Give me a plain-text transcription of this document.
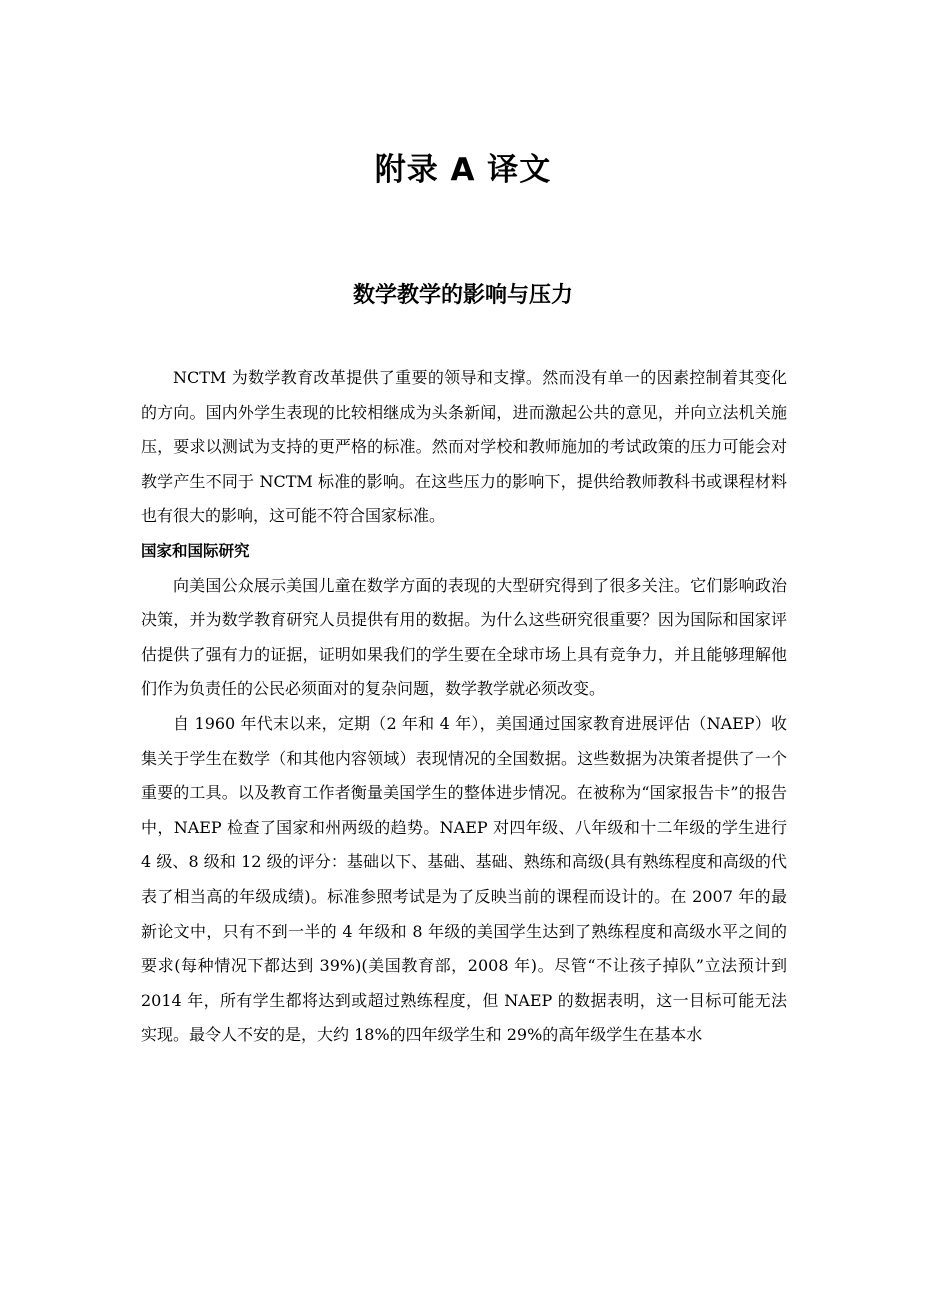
附录 A 译文
数学教学的影响与压力

NCTM 为数学教育改革提供了重要的领导和支撑。然而没有单一的因素控制着其变化的方向。国内外学生表现的比较相继成为头条新闻，进而激起公共的意见，并向立法机关施压，要求以测试为支持的更严格的标准。然而对学校和教师施加的考试政策的压力可能会对教学产生不同于 NCTM 标准的影响。在这些压力的影响下，提供给教师教科书或课程材料也有很大的影响，这可能不符合国家标准。

国家和国际研究

向美国公众展示美国儿童在数学方面的表现的大型研究得到了很多关注。它们影响政治决策，并为数学教育研究人员提供有用的数据。为什么这些研究很重要？因为国际和国家评估提供了强有力的证据，证明如果我们的学生要在全球市场上具有竞争力，并且能够理解他们作为负责任的公民必须面对的复杂问题，数学教学就必须改变。

自 1960 年代末以来，定期（2 年和 4 年），美国通过国家教育进展评估（NAEP）收集关于学生在数学（和其他内容领域）表现情况的全国数据。这些数据为决策者提供了一个重要的工具。以及教育工作者衡量美国学生的整体进步情况。在被称为“国家报告卡”的报告中，NAEP 检查了国家和州两级的趋势。NAEP 对四年级、八年级和十二年级的学生进行 4 级、8 级和 12 级的评分：基础以下、基础、基础、熟练和高级(具有熟练程度和高级的代表了相当高的年级成绩)。标准参照考试是为了反映当前的课程而设计的。在 2007 年的最新论文中，只有不到一半的 4 年级和 8 年级的美国学生达到了熟练程度和高级水平之间的要求(每种情况下都达到 39%)(美国教育部，2008 年)。尽管“不让孩子掉队”立法预计到 2014 年，所有学生都将达到或超过熟练程度，但 NAEP 的数据表明，这一目标可能无法实现。最令人不安的是，大约 18%的四年级学生和 29%的高年级学生在基本水
